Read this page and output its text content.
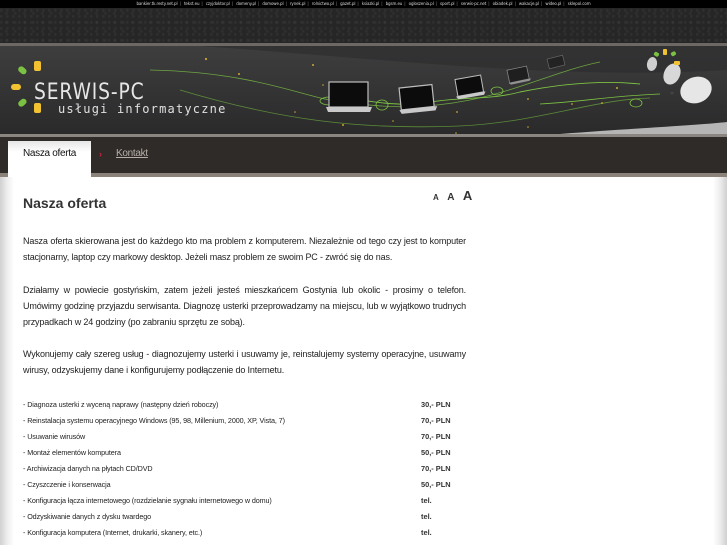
bankier.tk.resty.net.pl | tekst.eu | czyjdoktor.pl | domeny.pl | domowe.pl | rynek.pl | rolnictwo.pl | gazet.pl | ksiazki.pl | bgsm.eu | ogloszenia.pl | sport.pl | serwis-pc.net | obiadek.pl | wakacje.pl | wideo.pl | sklepol.com
SERWIS-PC
usługi informatyczne
Nasza oferta	› Kontakt
Nasza oferta	A A A

Nasza oferta skierowana jest do każdego kto ma problem z komputerem. Niezależnie od tego czy jest to komputer stacjonarny, laptop czy markowy desktop. Jeżeli masz problem ze swoim PC - zwróć się do nas.

Działamy w powiecie gostyńskim, zatem jeżeli jesteś mieszkańcem Gostynia lub okolic - prosimy o telefon. Umówimy godzinę przyjazdu serwisanta. Diagnozę usterki przeprowadzamy na miejscu, lub w wyjątkowo trudnych przypadkach w 24 godziny (po zabraniu sprzętu ze sobą).

Wykonujemy cały szereg usług - diagnozujemy usterki i usuwamy je, reinstalujemy systemy operacyjne, usuwamy wirusy, odzyskujemy dane i konfigurujemy podłączenie do Internetu.

- Diagnoza usterki z wyceną naprawy (następny dzień roboczy)	30,- PLN
- Reinstalacja systemu operacyjnego Windows (95, 98, Millenium, 2000, XP, Vista, 7)	70,- PLN
- Usuwanie wirusów	70,- PLN
- Montaż elementów komputera	50,- PLN
- Archiwizacja danych na płytach CD/DVD	70,- PLN
- Czyszczenie i konserwacja	50,- PLN
- Konfiguracja łącza internetowego (rozdzielanie sygnału internetowego w domu)	tel.
- Odzyskiwanie danych z dysku twardego	tel.
- Konfiguracja komputera (Internet, drukarki, skanery, etc.)	tel.
